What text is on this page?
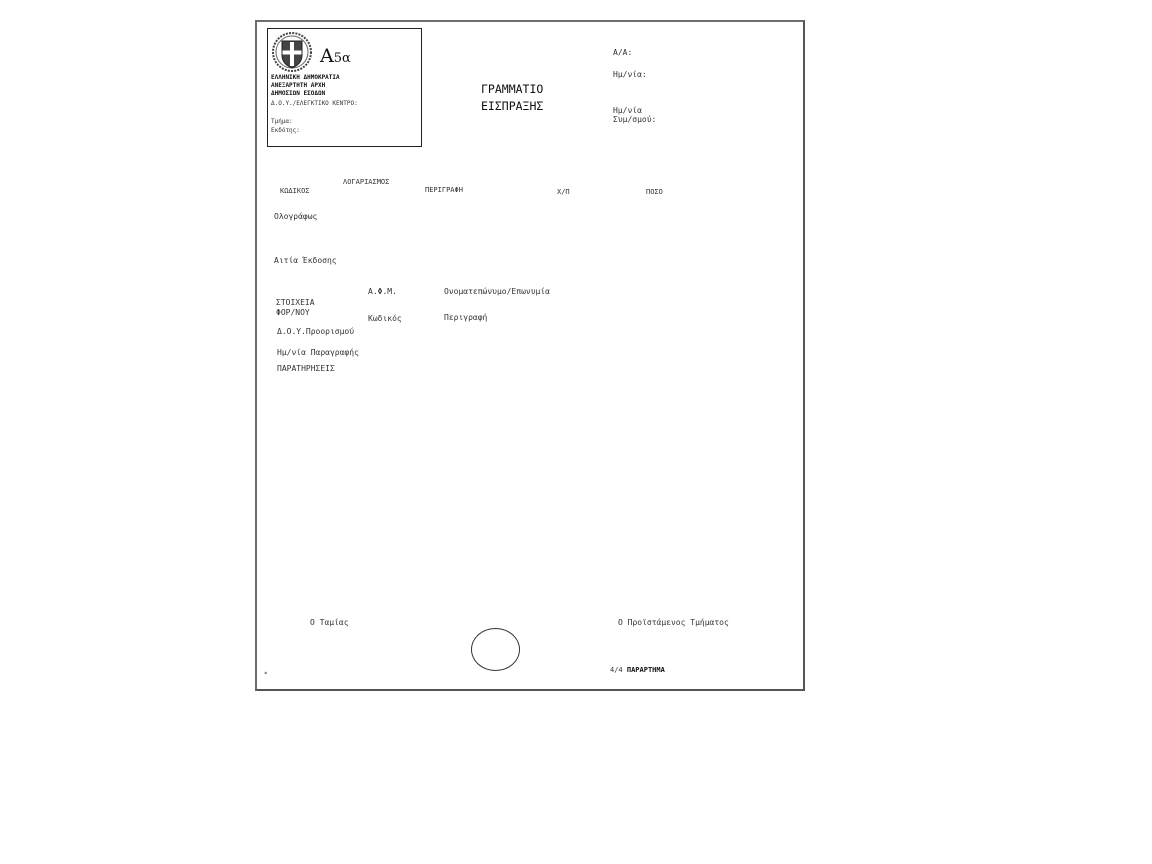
A5α
ΕΛΛΗΝΙΚΗ ΔΗΜΟΚΡΑΤΙΑ
ΑΝΕΞΑΡΤΗΤΗ ΑΡΧΗ
ΔΗΜΟΣΙΩΝ ΕΣΟΔΩΝ
Δ.Ο.Υ./ΕΛΕΓΚΤΙΚΟ ΚΕΝΤΡΟ:
Τμήμα:
Εκδότης:
ΓΡΑΜΜΑΤΙΟ
ΕΙΣΠΡΑΞΗΣ
Α/Α:
Ημ/νία:
Ημ/νία
Συμ/σμού:
ΛΟΓΑΡΙΑΣΜΟΣ
ΚΩΔΙΚΟΣ	ΠΕΡΙΓΡΑΦΗ	Χ/Π	ΠΟΣΟ
Ολογράφως
Αιτία Έκδοσης
Α.Φ.Μ.	Ονοματεπώνυμο/Επωνυμία
ΣΤΟΙΧΕΙΑ
ΦΟΡ/ΝΟΥ
Κωδικός	Περιγραφή
Δ.Ο.Υ.Προορισμού
Ημ/νία Παραγραφής
ΠΑΡΑΤΗΡΗΣΕΙΣ
Ο Ταμίας	Ο Προϊστάμενος Τμήματος
4/4 ΠΑΡΑΡΤΗΜΑ
*
